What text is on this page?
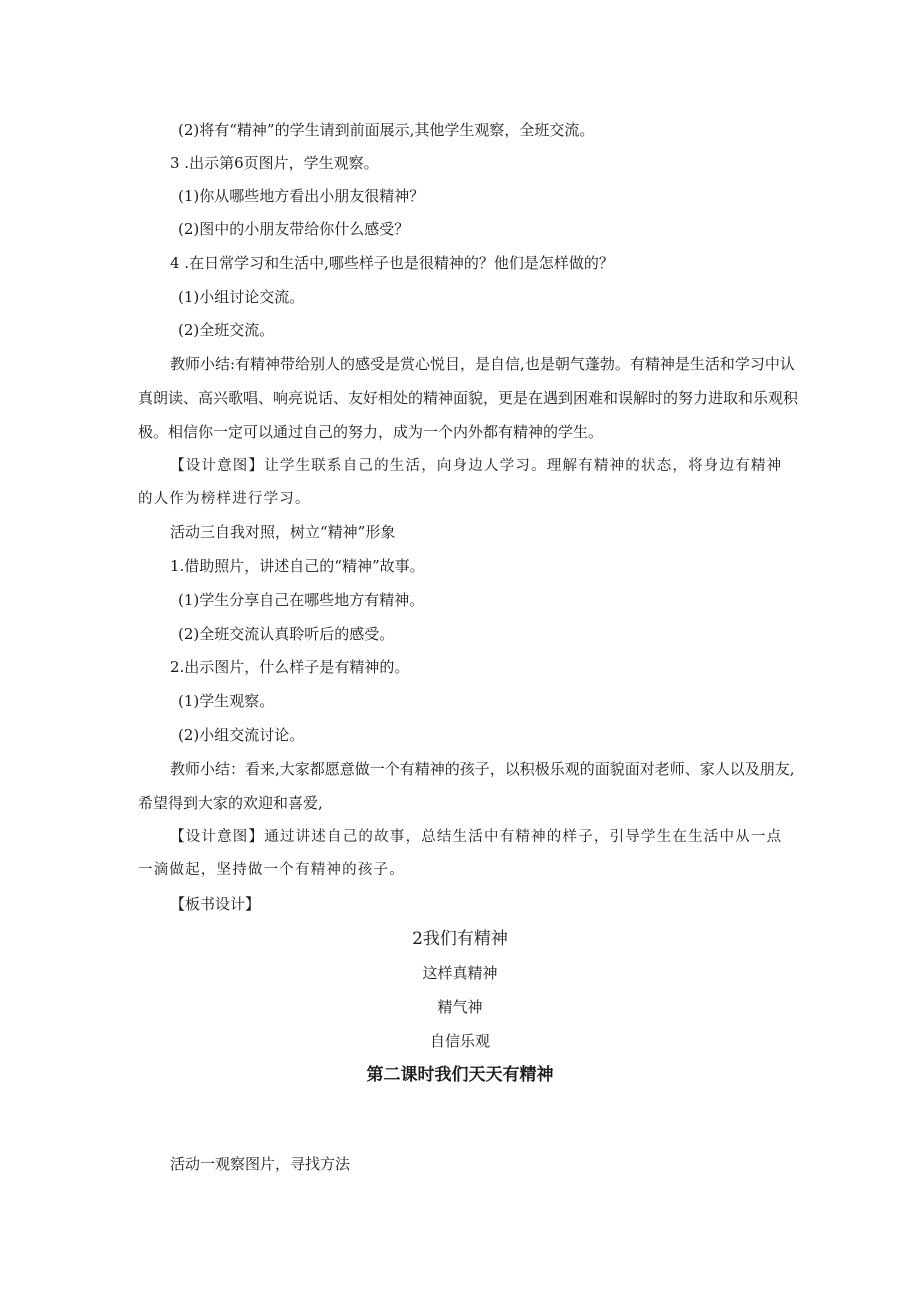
(2)将有“精神”的学生请到前面展示,其他学生观察，全班交流。
3 .出示第6页图片，学生观察。
(1)你从哪些地方看出小朋友很精神？
(2)图中的小朋友带给你什么感受？
4 .在日常学习和生活中,哪些样子也是很精神的？他们是怎样做的？
(1)小组讨论交流。
(2)全班交流。
教师小结:有精神带给别人的感受是赏心悦目，是自信,也是朝气蓬勃。有精神是生活和学习中认
真朗读、高兴歌唱、响亮说话、友好相处的精神面貌，更是在遇到困难和误解时的努力进取和乐观积
极。相信你一定可以通过自己的努力，成为一个内外都有精神的学生。
【设计意图】让学生联系自己的生活，向身边人学习。理解有精神的状态，将身边有精神
的人作为榜样进行学习。
活动三自我对照，树立“精神”形象
1.借助照片，讲述自己的“精神”故事。
(1)学生分享自己在哪些地方有精神。
(2)全班交流认真聆听后的感受。
2.出示图片，什么样子是有精神的。
(1)学生观察。
(2)小组交流讨论。
教师小结：看来,大家都愿意做一个有精神的孩子，以积极乐观的面貌面对老师、家人以及朋友,
希望得到大家的欢迎和喜爱,
【设计意图】通过讲述自己的故事，总结生活中有精神的样子，引导学生在生活中从一点
一滴做起，坚持做一个有精神的孩子。
【板书设计】
2我们有精神
这样真精神
精气神
自信乐观
第二课时我们天天有精神
活动一观察图片，寻找方法
